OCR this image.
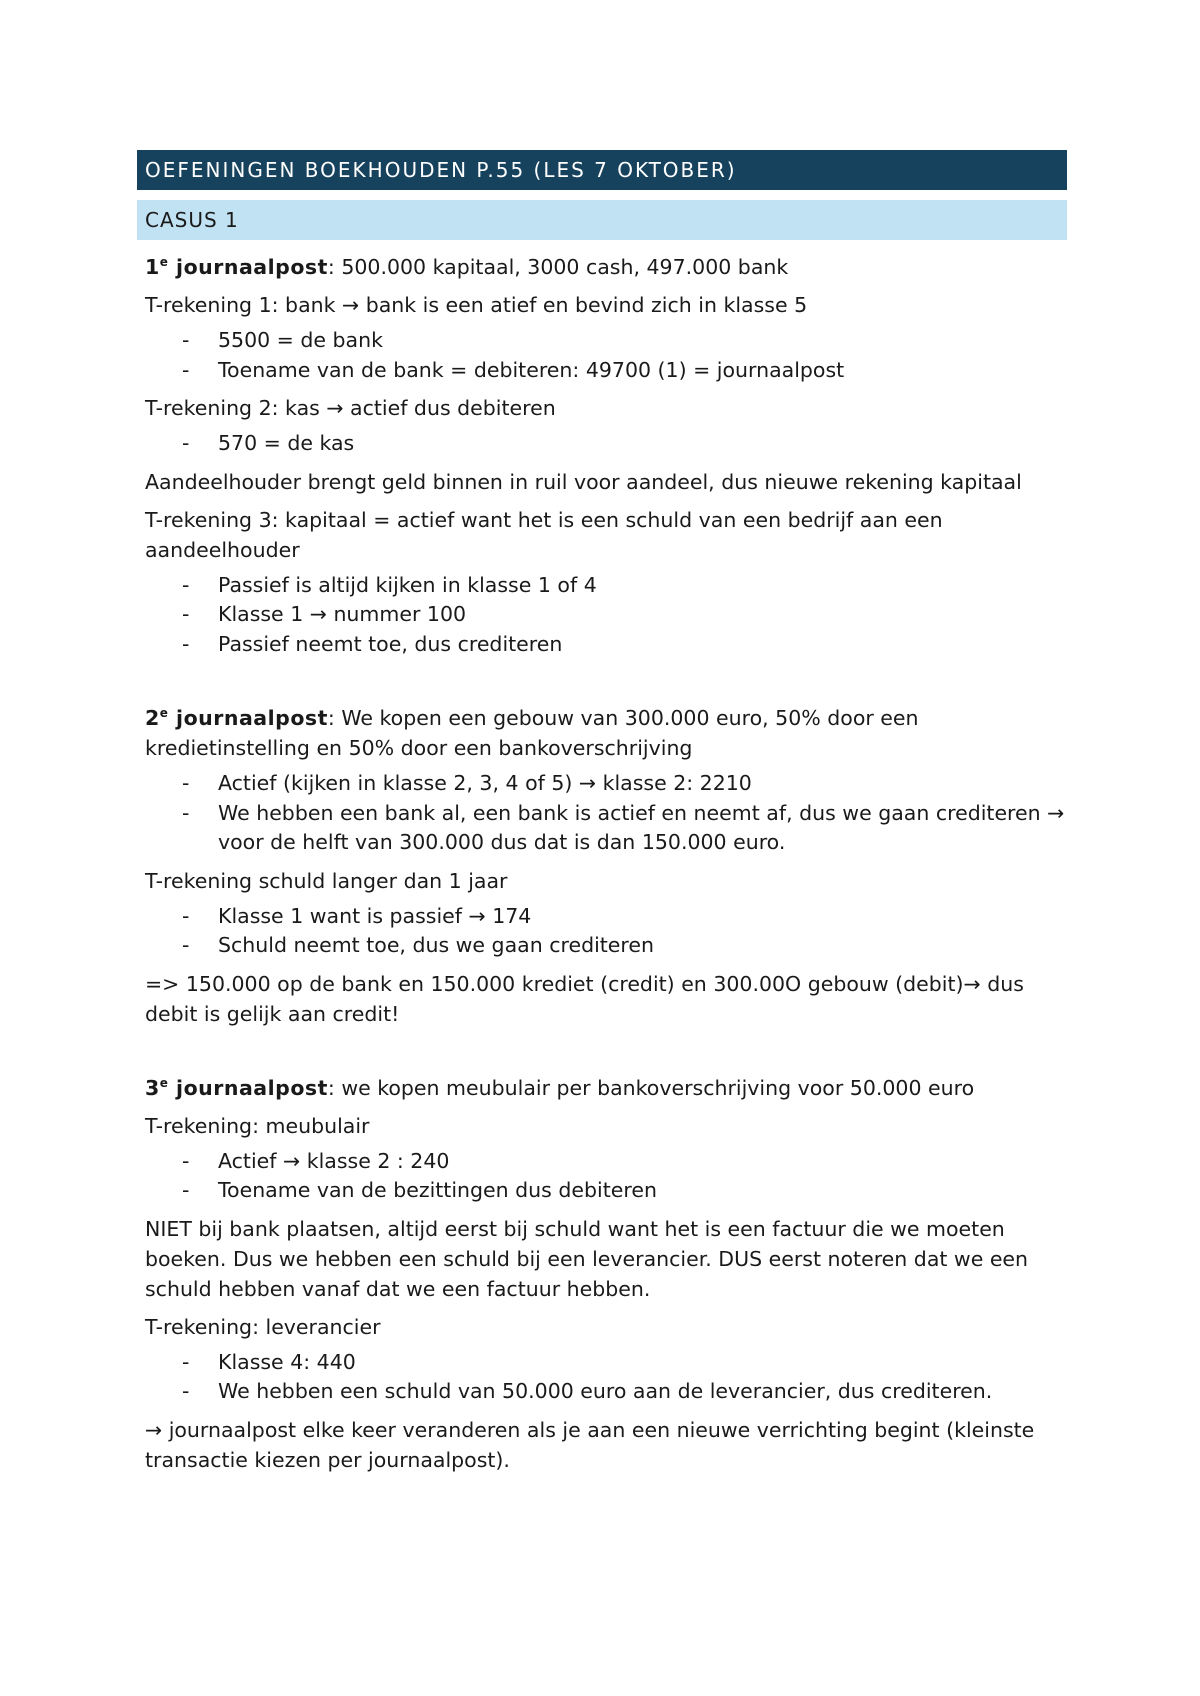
OEFENINGEN BOEKHOUDEN P.55 (LES 7 OKTOBER)
CASUS 1

1e journaalpost: 500.000 kapitaal, 3000 cash, 497.000 bank

T-rekening 1: bank → bank is een atief en bevind zich in klasse 5

- 5500 = de bank
- Toename van de bank = debiteren: 49700 (1) = journaalpost

T-rekening 2: kas → actief dus debiteren

- 570 = de kas

Aandeelhouder brengt geld binnen in ruil voor aandeel, dus nieuwe rekening kapitaal

T-rekening 3: kapitaal = actief want het is een schuld van een bedrijf aan een aandeelhouder

- Passief is altijd kijken in klasse 1 of 4
- Klasse 1 → nummer 100
- Passief neemt toe, dus crediteren

2e journaalpost: We kopen een gebouw van 300.000 euro, 50% door een kredietinstelling en 50% door een bankoverschrijving

- Actief (kijken in klasse 2, 3, 4 of 5) → klasse 2: 2210
- We hebben een bank al, een bank is actief en neemt af, dus we gaan crediteren → voor de helft van 300.000 dus dat is dan 150.000 euro.

T-rekening schuld langer dan 1 jaar

- Klasse 1 want is passief → 174
- Schuld neemt toe, dus we gaan crediteren

=> 150.000 op de bank en 150.000 krediet (credit) en 300.00O gebouw (debit)→ dus debit is gelijk aan credit!

3e journaalpost: we kopen meubulair per bankoverschrijving voor 50.000 euro

T-rekening: meubulair

- Actief → klasse 2 : 240
- Toename van de bezittingen dus debiteren

NIET bij bank plaatsen, altijd eerst bij schuld want het is een factuur die we moeten boeken. Dus we hebben een schuld bij een leverancier. DUS eerst noteren dat we een schuld hebben vanaf dat we een factuur hebben.

T-rekening: leverancier

- Klasse 4: 440
- We hebben een schuld van 50.000 euro aan de leverancier, dus crediteren.

→ journaalpost elke keer veranderen als je aan een nieuwe verrichting begint (kleinste transactie kiezen per journaalpost).
